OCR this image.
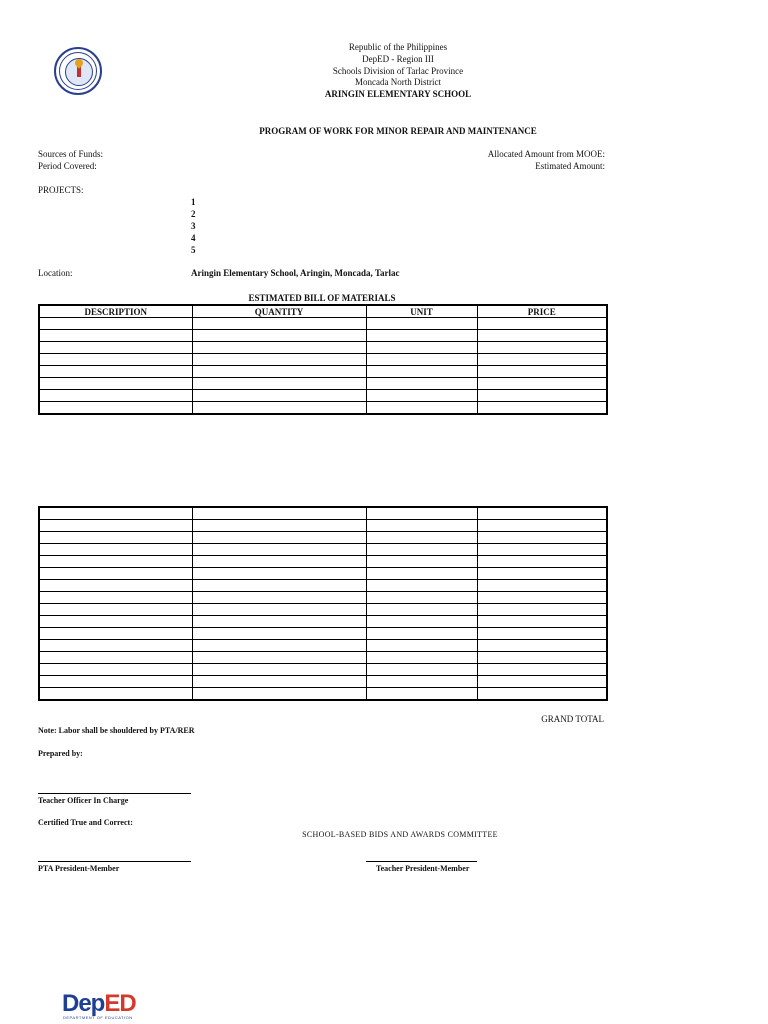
Republic of the Philippines
DepED - Region III
Schools Division of Tarlac Province
Moncada North District
ARINGIN ELEMENTARY SCHOOL
PROGRAM OF WORK FOR MINOR REPAIR AND MAINTENANCE
Sources of Funds:
Period Covered:
Allocated Amount from MOOE:
Estimated Amount:
PROJECTS:
1
2
3
4
5
Location:	Aringin Elementary School, Aringin, Moncada, Tarlac
ESTIMATED BILL OF MATERIALS
DESCRIPTION	QUANTITY	UNIT	PRICE

GRAND TOTAL
Note: Labor shall be shouldered by PTA/RER
Prepared by:
Teacher Officer In Charge
Certified True and Correct:
SCHOOL-BASED BIDS AND AWARDS COMMITTEE
PTA President-Member	Teacher President-Member
DepED
DEPARTMENT OF EDUCATION
